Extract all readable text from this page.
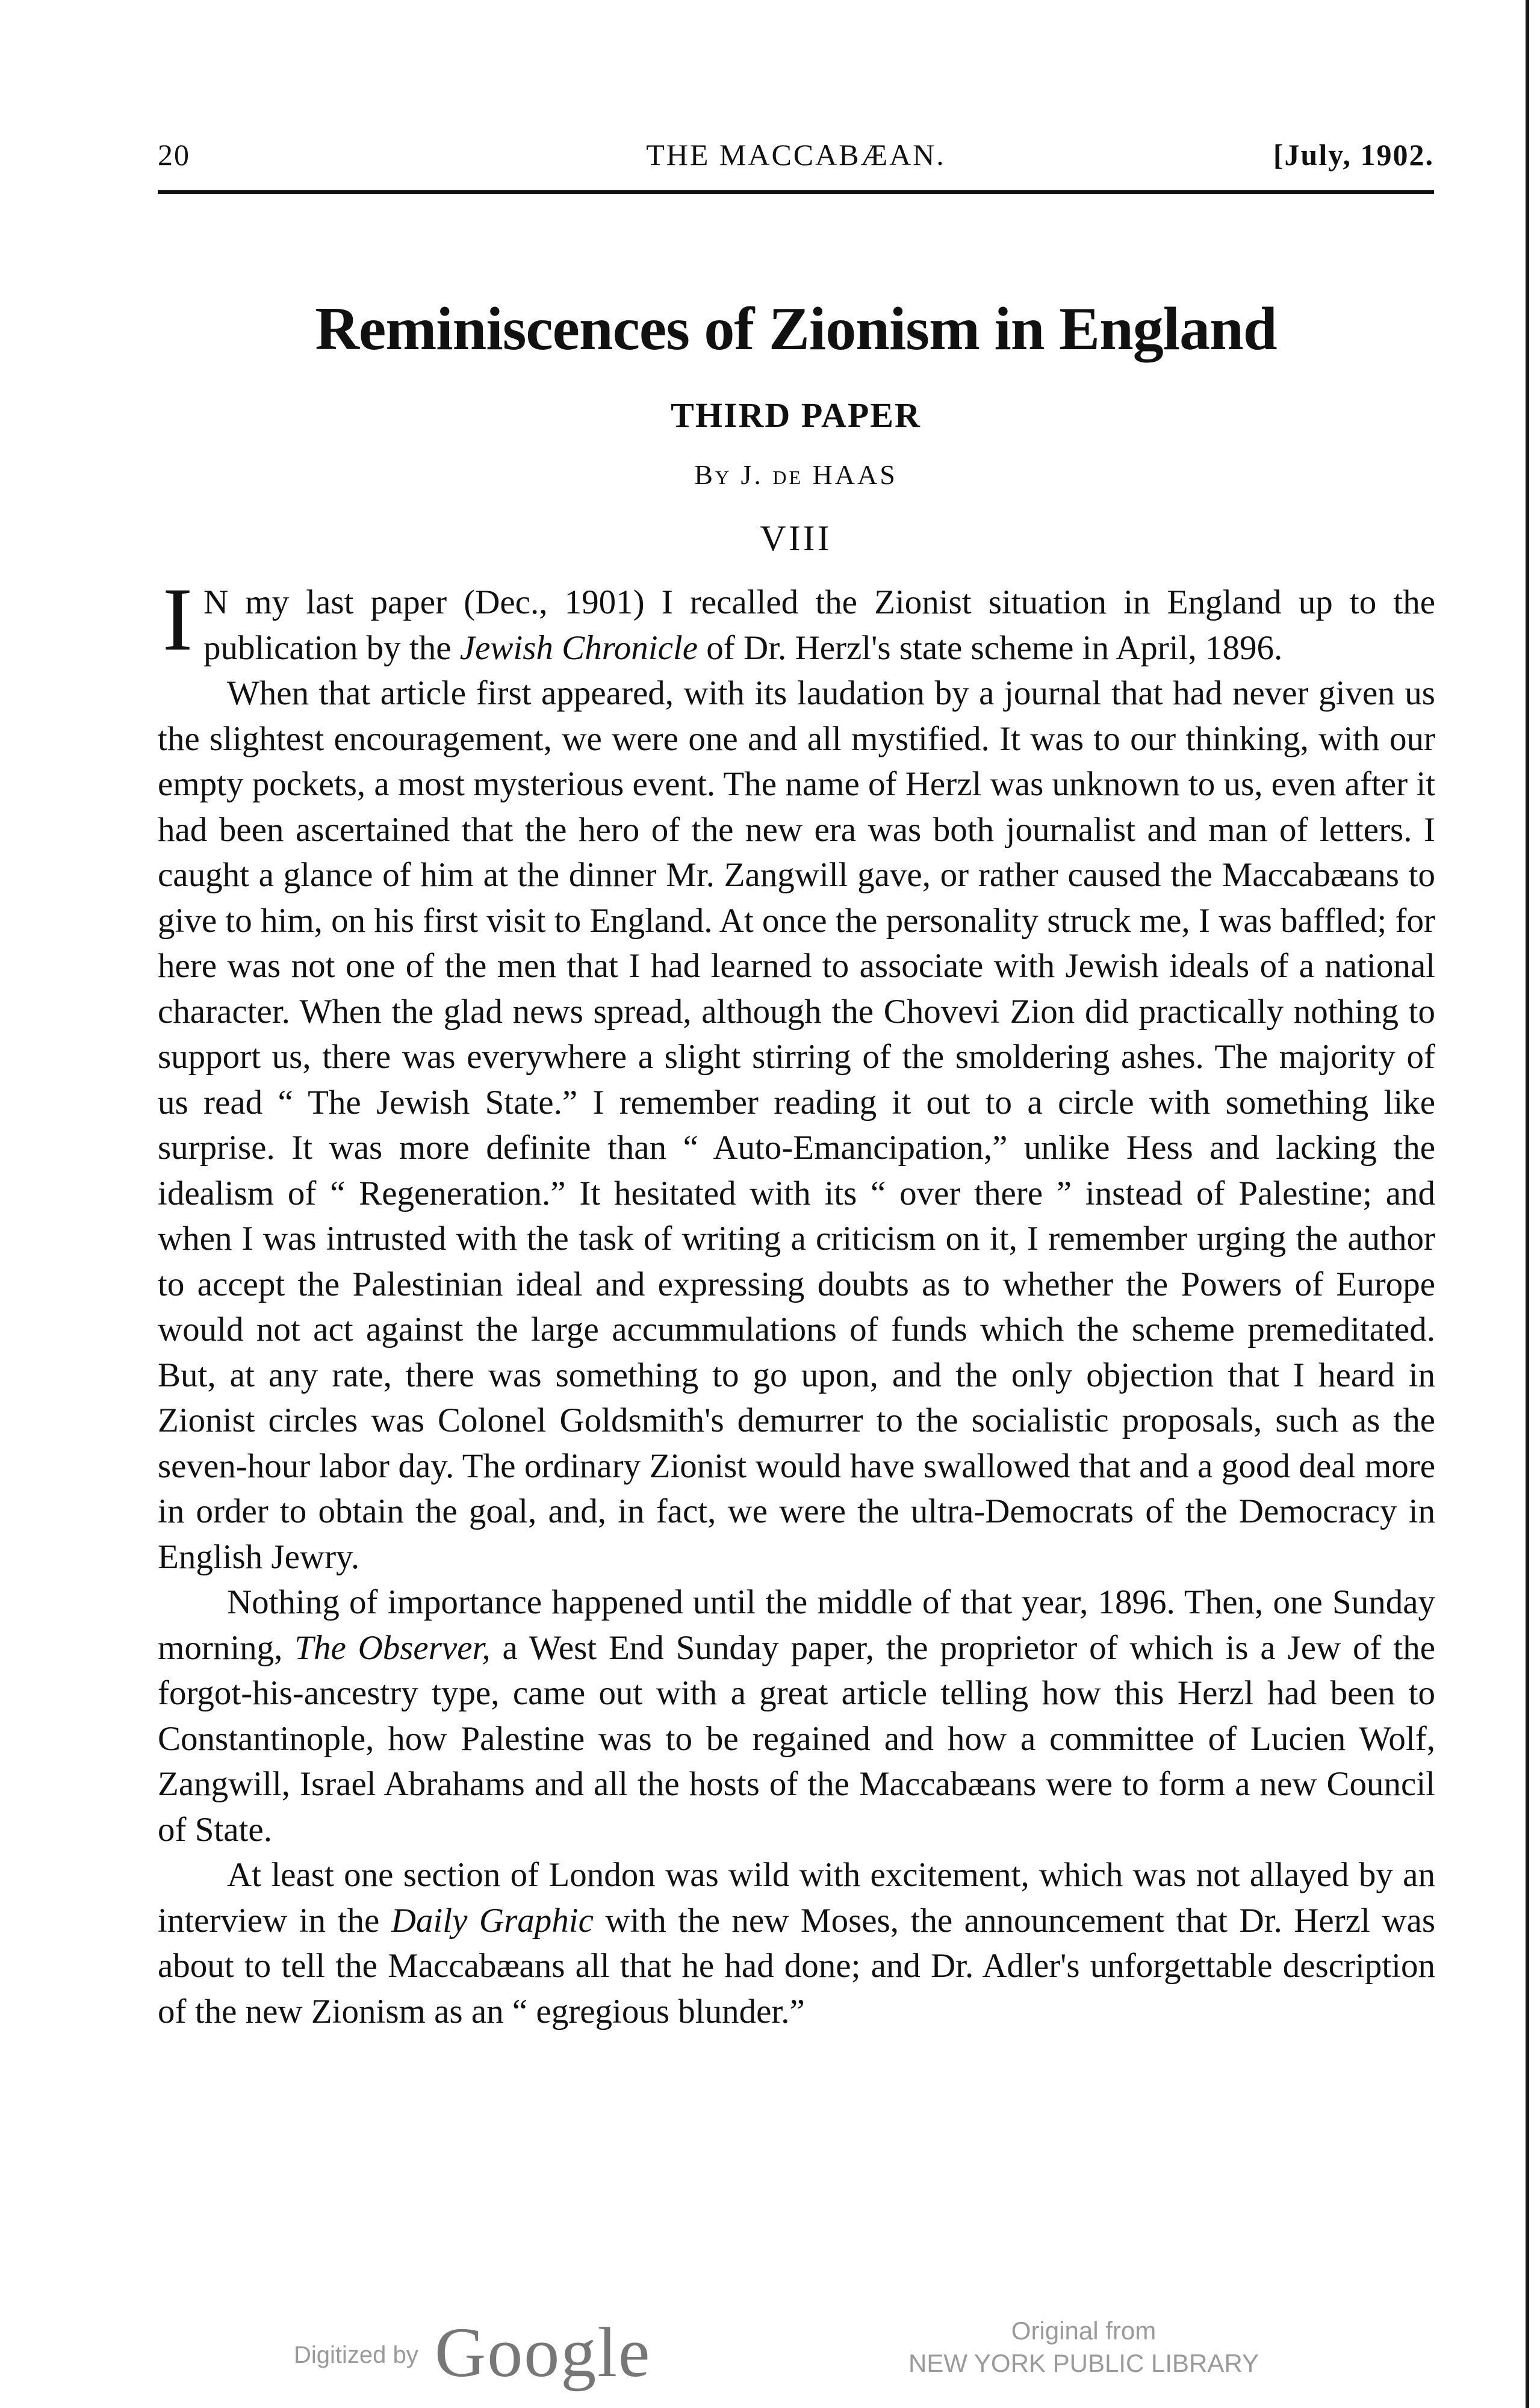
20	THE MACCABÆAN.	[July, 1902.
Reminiscences of Zionism in England
THIRD PAPER
By J. de HAAS
VIII

I N my last paper (Dec., 1901) I recalled the Zionist situation in England up to the publication by the Jewish Chronicle of Dr. Herzl's state scheme in April, 1896.

When that article first appeared, with its laudation by a journal that had never given us the slightest encouragement, we were one and all mystified. It was to our thinking, with our empty pockets, a most mysterious event. The name of Herzl was unknown to us, even after it had been ascertained that the hero of the new era was both journalist and man of letters. I caught a glance of him at the dinner Mr. Zangwill gave, or rather caused the Maccabæans to give to him, on his first visit to England. At once the personality struck me, I was baffled; for here was not one of the men that I had learned to associate with Jewish ideals of a national character. When the glad news spread, although the Chovevi Zion did practically nothing to support us, there was everywhere a slight stirring of the smoldering ashes. The majority of us read “ The Jewish State.” I remember reading it out to a circle with something like surprise. It was more definite than “ Auto-Emancipation,” unlike Hess and lacking the idealism of “ Regeneration.” It hesitated with its “ over there ” instead of Palestine; and when I was intrusted with the task of writing a criticism on it, I remember urging the author to accept the Palestinian ideal and expressing doubts as to whether the Powers of Europe would not act against the large accummulations of funds which the scheme premeditated. But, at any rate, there was something to go upon, and the only objection that I heard in Zionist circles was Colonel Goldsmith's demurrer to the socialistic proposals, such as the seven-hour labor day. The ordinary Zionist would have swallowed that and a good deal more in order to obtain the goal, and, in fact, we were the ultra-Democrats of the Democracy in English Jewry.

Nothing of importance happened until the middle of that year, 1896. Then, one Sunday morning, The Observer, a West End Sunday paper, the proprietor of which is a Jew of the forgot-his-ancestry type, came out with a great article telling how this Herzl had been to Constantinople, how Palestine was to be regained and how a committee of Lucien Wolf, Zangwill, Israel Abrahams and all the hosts of the Maccabæans were to form a new Council of State.

At least one section of London was wild with excitement, which was not allayed by an interview in the Daily Graphic with the new Moses, the announcement that Dr. Herzl was about to tell the Maccabæans all that he had done; and Dr. Adler's unforgettable description of the new Zionism as an “ egregious blunder.”

Digitized by Google	Original from
NEW YORK PUBLIC LIBRARY
